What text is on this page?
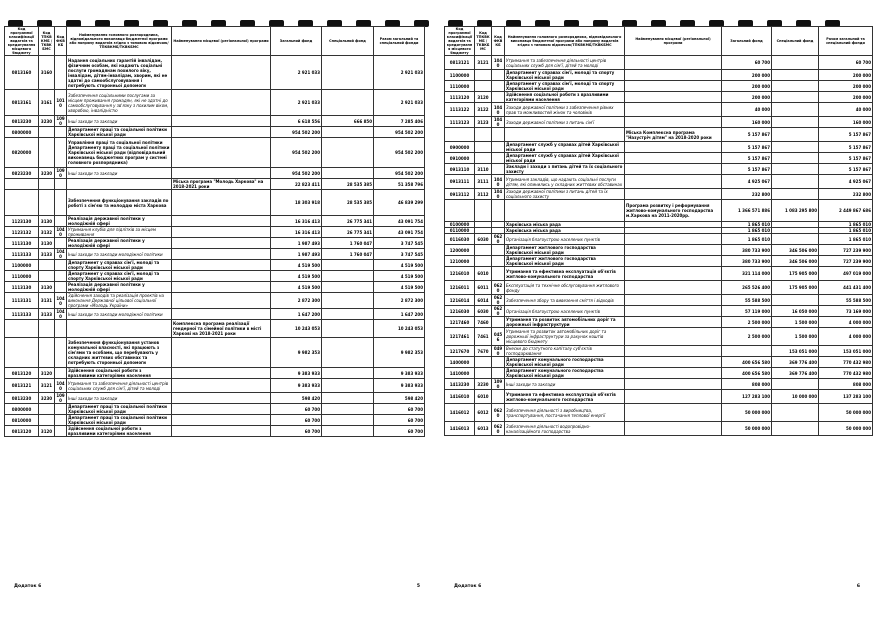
Код програмної класифікації видатків та кредитування місцевого бюджету	Код ТПКВКМБ / ТКВКБМС	Код ФКВКБ	Найменування головного розпорядника, відповідального виконавця бюджетної програми або напряму видатків згідно з типовою відомчою/ТПКВКМБ/ТКВКБМС	Найменування місцевої (регіональної) програми	Загальний фонд	Спеціальний фонд	Разом загальний та спеціальний фонди
0813160	3160		Надання соціальних гарантій інвалідам, фізичним особам, які надають соціальні послуги громадянам похилого віку, інвалідам, дітям-інвалідам, хворим, які не здатні до самообслуговування і потребують сторонньої допомоги		2 921 033		2 921 033
0813161	3161	1010	Забезпечення соціальними послугами за місцем проживання громадян, які не здатні до самообслуговування у зв'язку з похилим віком, хворобою, інвалідністю		2 921 033		2 921 033
0813230	3230	1090	Інші заходи та заклади		6 618 556	666 850	7 285 406
0800000			Департамент праці та соціальної політики Харківської міської ради		954 502 200		954 502 200
0820000			Управління праці та соціальної політики Департаменту праці та соціальної політики Харківської міської ради (відповідальний виконавець бюджетних програм у системі головного розпорядника)		954 502 200		954 502 200
0823230	3230	1090	Інші заходи та заклади		954 502 200		954 502 200
				Міська програма "Молодь Харкова" на 2018-2021 роки	22 823 411	28 535 385	51 358 796
			Забезпечення функціонування закладів по роботі з сім'єю та молоддю міста Харкова		18 303 918	28 535 385	46 839 299
1123130	3130		Реалізація державної політики у молодіжній сфері		16 316 413	26 775 341	43 091 754
1123132	3132	1040	Утримання клубів для підлітків за місцем проживання		16 316 413	26 775 341	43 091 754
1113130	3130		Реалізація державної політики у молодіжній сфері		1 987 493	1 760 047	3 747 545
1113133	3133	1040	Інші заходи та заклади молодіжної політики		1 987 493	1 760 047	3 747 545
1100000			Департамент у справах сім'ї, молоді та спорту Харківської міської ради		4 519 500		4 519 500
1110000			Департамент у справах сім'ї, молоді та спорту Харківської міської ради		4 519 500		4 519 500
1113130	3130		Реалізація державної політики у молодіжній сфері		4 519 500		4 519 500
1113131	3131	1040	Здійснення заходів та реалізація проектів на виконання Державної цільової соціальної програми «Молодь України»		2 872 300		2 872 300
1113133	3133	1040	Інші заходи та заклади молодіжної політики		1 647 200		1 647 200
				Комплексна програма реалізації гендерної та сімейної політики в місті Харкові на 2018-2021 роки	10 243 053		10 243 053
			Забезпечення функціонування установ комунальної власності, які працюють з сім'ями та особами, що перебувають у складних життєвих обставинах та потребують сторонньої допомоги		9 982 353		9 982 353
0813120	3120		Здійснення соціальної роботи з вразливими категоріями населення		9 383 933		9 383 933
0813121	3121	1040	Утримання та забезпечення діяльності центрів соціальних служб для сім'ї, дітей та молоді		9 383 933		9 383 933
0813230	3230	1090	Інші заходи та заклади		598 420		598 420
0800000			Департамент праці та соціальної політики Харківської міської ради		60 700		60 700
0810000			Департамент праці та соціальної політики Харківської міської ради		60 700		60 700
0813120	3120		Здійснення соціальної роботи з вразливими категоріями населення		60 700		60 700
Додаток 6	5
Код програмної класифікації видатків та кредитування місцевого бюджету	Код ТПКВКМБ / ТКВКБМС	Код ФКВКБ	Найменування головного розпорядника, відповідального виконавця бюджетної програми або напряму видатків згідно з типовою відомчою/ТПКВКМБ/ТКВКБМС	Найменування місцевої (регіональної) програми	Загальний фонд	Спеціальний фонд	Разом загальний та спеціальний фонди
0813121	3121	1040	Утримання та забезпечення діяльності центрів соціальних служб для сім'ї, дітей та молоді		60 700		60 700
1100000			Департамент у справах сім'ї, молоді та спорту Харківської міської ради		200 000		200 000
1110000			Департамент у справах сім'ї, молоді та спорту Харківської міської ради		200 000		200 000
1113120	3120		Здійснення соціальної роботи з вразливими категоріями населення		200 000		200 000
1113122	3122	1040	Заходи державної політики з забезпечення рівних прав та можливостей жінок та чоловіків		40 000		40 000
1113123	3123	1040	Заходи державної політики з питань сім'ї		160 000		160 000
				Міська Комплексна програма "Назустріч дітям" на 2018-2020 роки	5 157 867		5 157 867
0900000			Департамент служб у справах дітей Харківської міської ради		5 157 867		5 157 867
0910000			Департамент служб у справах дітей Харківської міської ради		5 157 867		5 157 867
0913110	3110		Заклади і заходи з питань дітей та їх соціального захисту		5 157 867		5 157 867
0913111	3111	1040	Утримання закладів, що надають соціальні послуги дітям, які опинились у складних життєвих обставинах		4 925 067		4 925 067
0913112	3112	1040	Заходи державної політики з питань дітей та їх соціального захисту		232 800		232 800
				Програма розвитку і реформування житлово-комунального господарства м.Харкова на 2011-2020рр.	1 366 571 886	1 083 295 800	2 449 867 686
0100000			Харківська міська рада		1 865 010		1 865 010
0110000			Харківська міська рада		1 865 010		1 865 010
0116030	6030	0620	Організація благоустрою населених пунктів		1 865 010		1 865 010
1200000			Департамент житлового господарства Харківської міської ради		380 733 900	346 506 000	727 239 900
1210000			Департамент житлового господарства Харківської міської ради		380 733 900	346 506 000	727 239 900
1216010	6010		Утримання та ефективна експлуатація об'єктів житлово-комунального господарства		321 114 000	175 905 000	497 019 000
1216011	6011	0620	Експлуатація та технічне обслуговування житлового фонду		265 526 400	175 905 000	441 431 400
1216014	6014	0620	Забезпечення збору та вивезення сміття і відходів		55 588 500		55 588 500
1216030	6030	0620	Організація благоустрою населених пунктів		57 119 000	16 050 000	73 169 000
1217460	7460		Утримання та розвиток автомобільних доріг та дорожньої інфраструктури		2 500 000	1 500 000	4 000 000
1217461	7461	0456	Утримання та розвиток автомобільних доріг та дорожньої інфраструктури за рахунок коштів місцевого бюджету		2 500 000	1 500 000	4 000 000
1217670	7670	0490	Внески до статутного капіталу суб'єктів господарювання			153 051 000	153 051 000
1400000			Департамент комунального господарства Харківської міської ради		400 656 580	369 776 400	770 432 980
1410000			Департамент комунального господарства Харківської міської ради		400 656 580	369 776 400	770 432 980
1413230	3230	1090	Інші заходи та заклади		808 000		808 000
1416010	6010		Утримання та ефективна експлуатація об'єктів житлово-комунального господарства		127 283 100	10 000 000	137 283 100
1416012	6012	0620	Забезпечення діяльності з виробництва, транспортування, постачання теплової енергії		50 000 000		50 000 000
1416013	6013	0620	Забезпечення діяльності водопровідно-каналізаційного господарства		50 000 000		50 000 000
Додаток 6	6
